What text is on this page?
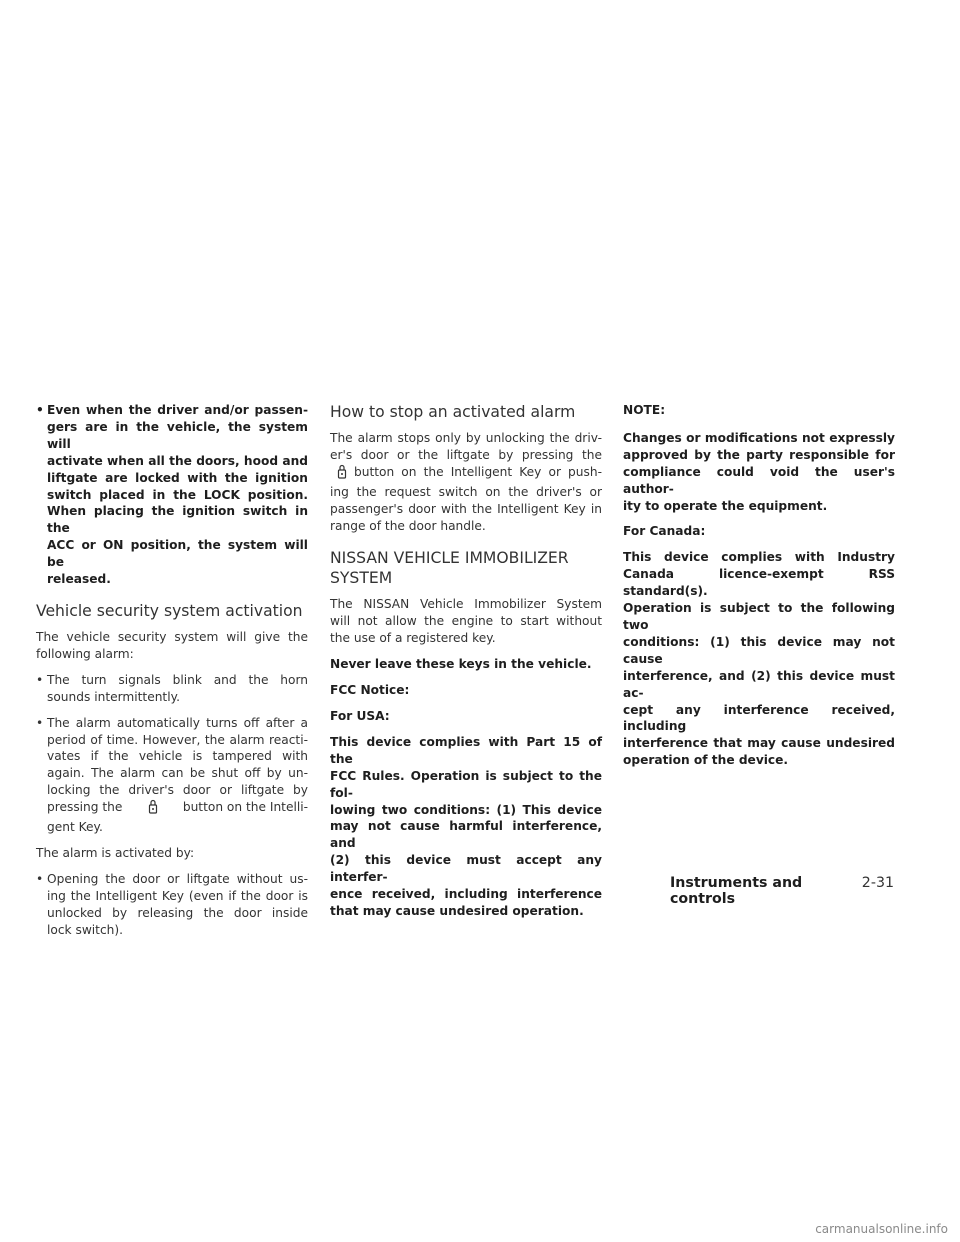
• Even when the driver and/or passen-
gers are in the vehicle, the system will
activate when all the doors, hood and
liftgate are locked with the ignition
switch placed in the LOCK position.
When placing the ignition switch in the
ACC or ON position, the system will be
released.
Vehicle security system activation

The vehicle security system will give the
following alarm:

• The turn signals blink and the horn
sounds intermittently.
• The alarm automatically turns off after a
period of time. However, the alarm reacti-
vates if the vehicle is tampered with
again. The alarm can be shut off by un-
locking the driver's door or liftgate by
pressing the	button on the Intelli-
gent Key.

The alarm is activated by:

• Opening the door or liftgate without us-
ing the Intelligent Key (even if the door is
unlocked by releasing the door inside
lock switch).
How to stop an activated alarm

The alarm stops only by unlocking the driv-
er's door or the liftgate by pressing the
button on the Intelligent Key or push-
ing the request switch on the driver's or
passenger's door with the Intelligent Key in
range of the door handle.

NISSAN VEHICLE IMMOBILIZER
SYSTEM

The NISSAN Vehicle Immobilizer System
will not allow the engine to start without
the use of a registered key.

Never leave these keys in the vehicle.

FCC Notice:

For USA:

This device complies with Part 15 of the
FCC Rules. Operation is subject to the fol-
lowing two conditions: (1) This device
may not cause harmful interference, and
(2) this device must accept any interfer-
ence received, including interference
that may cause undesired operation.

NOTE:

Changes or modifications not expressly
approved by the party responsible for
compliance could void the user's author-
ity to operate the equipment.

For Canada:

This device complies with Industry
Canada licence-exempt RSS standard(s).
Operation is subject to the following two
conditions: (1) this device may not cause
interference, and (2) this device must ac-
cept any interference received, including
interference that may cause undesired
operation of the device.

Instruments and controls
2-31
carmanualsonline.info
